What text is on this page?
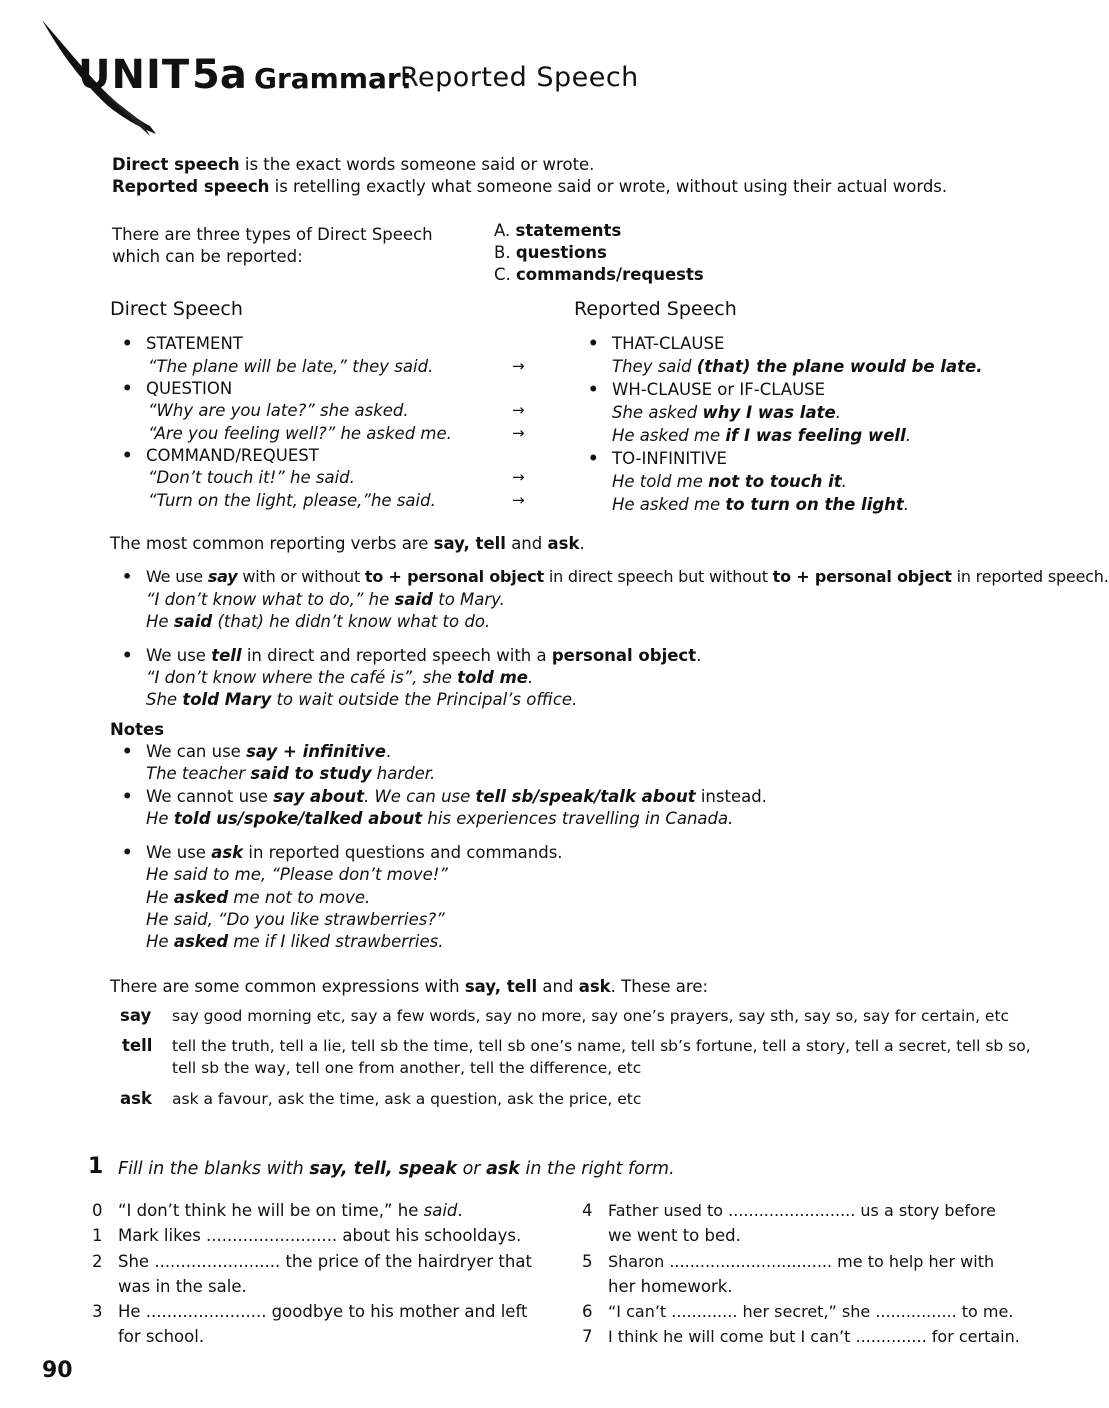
UNIT 5a Grammar:
Reported Speech
Direct speech is the exact words someone said or wrote.
Reported speech is retelling exactly what someone said or wrote, without using their actual words.
There are three types of Direct Speech
which can be reported:
A. statements
B. questions
C. commands/requests
Direct Speech	Reported Speech
• STATEMENT
“The plane will be late,” they said.
• QUESTION
“Why are you late?” she asked.
“Are you feeling well?” he asked me.
• COMMAND/REQUEST
“Don’t touch it!” he said.
“Turn on the light, please,”he said.
→
→
→
→
→
• THAT-CLAUSE
They said (that) the plane would be late.
• WH-CLAUSE or IF-CLAUSE
She asked why I was late.
He asked me if I was feeling well.
• TO-INFINITIVE
He told me not to touch it.
He asked me to turn on the light.
The most common reporting verbs are say, tell and ask.
• We use say with or without to + personal object in direct speech but without to + personal object in reported speech.
“I don’t know what to do,” he said to Mary.
He said (that) he didn’t know what to do.
• We use tell in direct and reported speech with a personal object.
“I don’t know where the café is”, she told me.
She told Mary to wait outside the Principal’s office.
Notes
• We can use say + infinitive.
The teacher said to study harder.
• We cannot use say about. We can use tell sb/speak/talk about instead.
He told us/spoke/talked about his experiences travelling in Canada.
• We use ask in reported questions and commands.
He said to me, “Please don’t move!”
He asked me not to move.
He said, “Do you like strawberries?”
He asked me if I liked strawberries.
There are some common expressions with say, tell and ask. These are:
say say good morning etc, say a few words, say no more, say one’s prayers, say sth, say so, say for certain, etc
tell tell the truth, tell a lie, tell sb the time, tell sb one’s name, tell sb’s fortune, tell a story, tell a secret, tell sb so,
tell sb the way, tell one from another, tell the difference, etc
ask ask a favour, ask the time, ask a question, ask the price, etc
1 Fill in the blanks with say, tell, speak or ask in the right form.
0 “I don’t think he will be on time,” he said.
1 Mark likes ......................... about his schooldays.
2 She ........................ the price of the hairdryer that
was in the sale.
3 He ....................... goodbye to his mother and left
for school.
4 Father used to ......................... us a story before
we went to bed.
5 Sharon ................................ me to help her with
her homework.
6 “I can’t ............. her secret,” she ................ to me.
7 I think he will come but I can’t .............. for certain.
90
